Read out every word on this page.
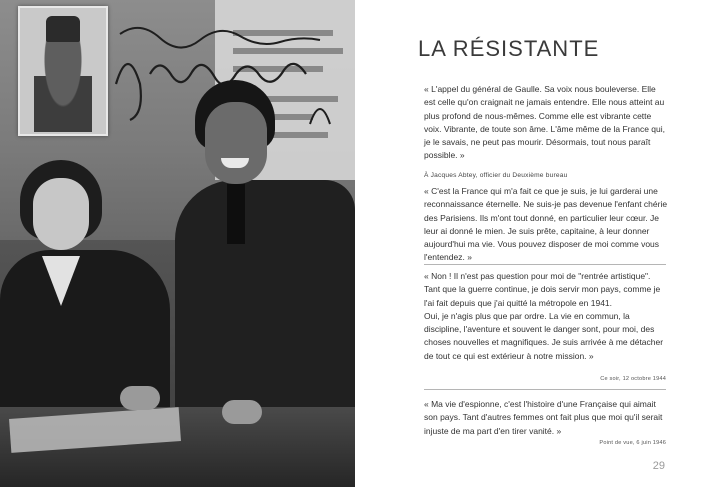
LA RÉSISTANTE

« L'appel du général de Gaulle. Sa voix nous bouleverse. Elle est celle qu'on craignait ne jamais entendre. Elle nous atteint au plus profond de nous-mêmes. Comme elle est vibrante cette voix. Vibrante, de toute son âme. L'âme même de la France qui, je le savais, ne peut pas mourir. Désormais, tout nous paraît possible. »

À Jacques Abtey, officier du Deuxième bureau

« C'est la France qui m'a fait ce que je suis, je lui garderai une reconnaissance éternelle. Ne suis-je pas devenue l'enfant chérie des Parisiens. Ils m'ont tout donné, en particulier leur cœur. Je leur ai donné le mien. Je suis prête, capitaine, à leur donner aujourd'hui ma vie. Vous pouvez disposer de moi comme vous l'entendez. »

« Non ! Il n'est pas question pour moi de "rentrée artistique". Tant que la guerre continue, je dois servir mon pays, comme je l'ai fait depuis que j'ai quitté la métropole en 1941.

Oui, je n'agis plus que par ordre. La vie en commun, la discipline, l'aventure et souvent le danger sont, pour moi, des choses nouvelles et magnifiques. Je suis arrivée à me détacher de tout ce qui est extérieur à notre mission. »

Ce soir, 12 octobre 1944

« Ma vie d'espionne, c'est l'histoire d'une Française qui aimait son pays. Tant d'autres femmes ont fait plus que moi qu'il serait injuste de ma part d'en tirer vanité. »

Point de vue, 6 juin 1946
29
